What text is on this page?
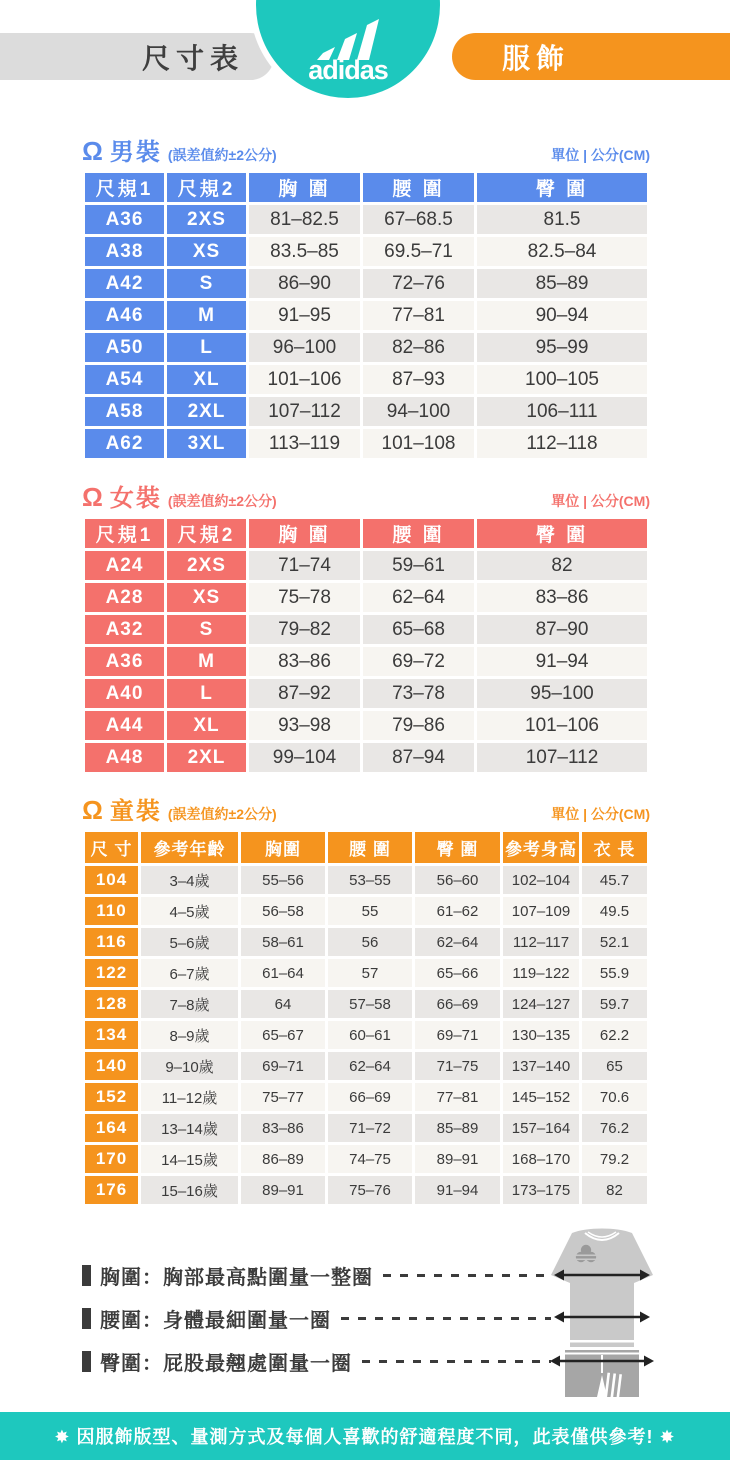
尺寸表 adidas	服飾
Ω 男裝 (誤差值約±2公分)	單位 | 公分(CM)
尺規1	尺規2	胸 圍	腰 圍	臀 圍
A36	2XS	81–82.5	67–68.5	81.5
A38	XS	83.5–85	69.5–71	82.5–84
A42	S	86–90	72–76	85–89
A46	M	91–95	77–81	90–94
A50	L	96–100	82–86	95–99
A54	XL	101–106	87–93	100–105
A58	2XL	107–112	94–100	106–111
A62	3XL	113–119	101–108	112–118
Ω 女裝 (誤差值約±2公分)	單位 | 公分(CM)
尺規1	尺規2	胸 圍	腰 圍	臀 圍
A24	2XS	71–74	59–61	82
A28	XS	75–78	62–64	83–86
A32	S	79–82	65–68	87–90
A36	M	83–86	69–72	91–94
A40	L	87–92	73–78	95–100
A44	XL	93–98	79–86	101–106
A48	2XL	99–104	87–94	107–112
Ω 童裝 (誤差值約±2公分)	單位 | 公分(CM)
尺 寸	參考年齡	胸圍	腰 圍	臀 圍	參考身高	衣 長
104	3–4歲	55–56	53–55	56–60	102–104	45.7
110	4–5歲	56–58	55	61–62	107–109	49.5
116	5–6歲	58–61	56	62–64	112–117	52.1
122	6–7歲	61–64	57	65–66	119–122	55.9
128	7–8歲	64	57–58	66–69	124–127	59.7
134	8–9歲	65–67	60–61	69–71	130–135	62.2
140	9–10歲	69–71	62–64	71–75	137–140	65
152	11–12歲	75–77	66–69	77–81	145–152	70.6
164	13–14歲	83–86	71–72	85–89	157–164	76.2
170	14–15歲	86–89	74–75	89–91	168–170	79.2
176	15–16歲	89–91	75–76	91–94	173–175	82
胸圍：胸部最高點圍量一整圈
腰圍：身體最細圍量一圈
臀圍：屁股最翹處圍量一圈
✸ 因服飾版型、量測方式及每個人喜歡的舒適程度不同，此表僅供參考! ✸
